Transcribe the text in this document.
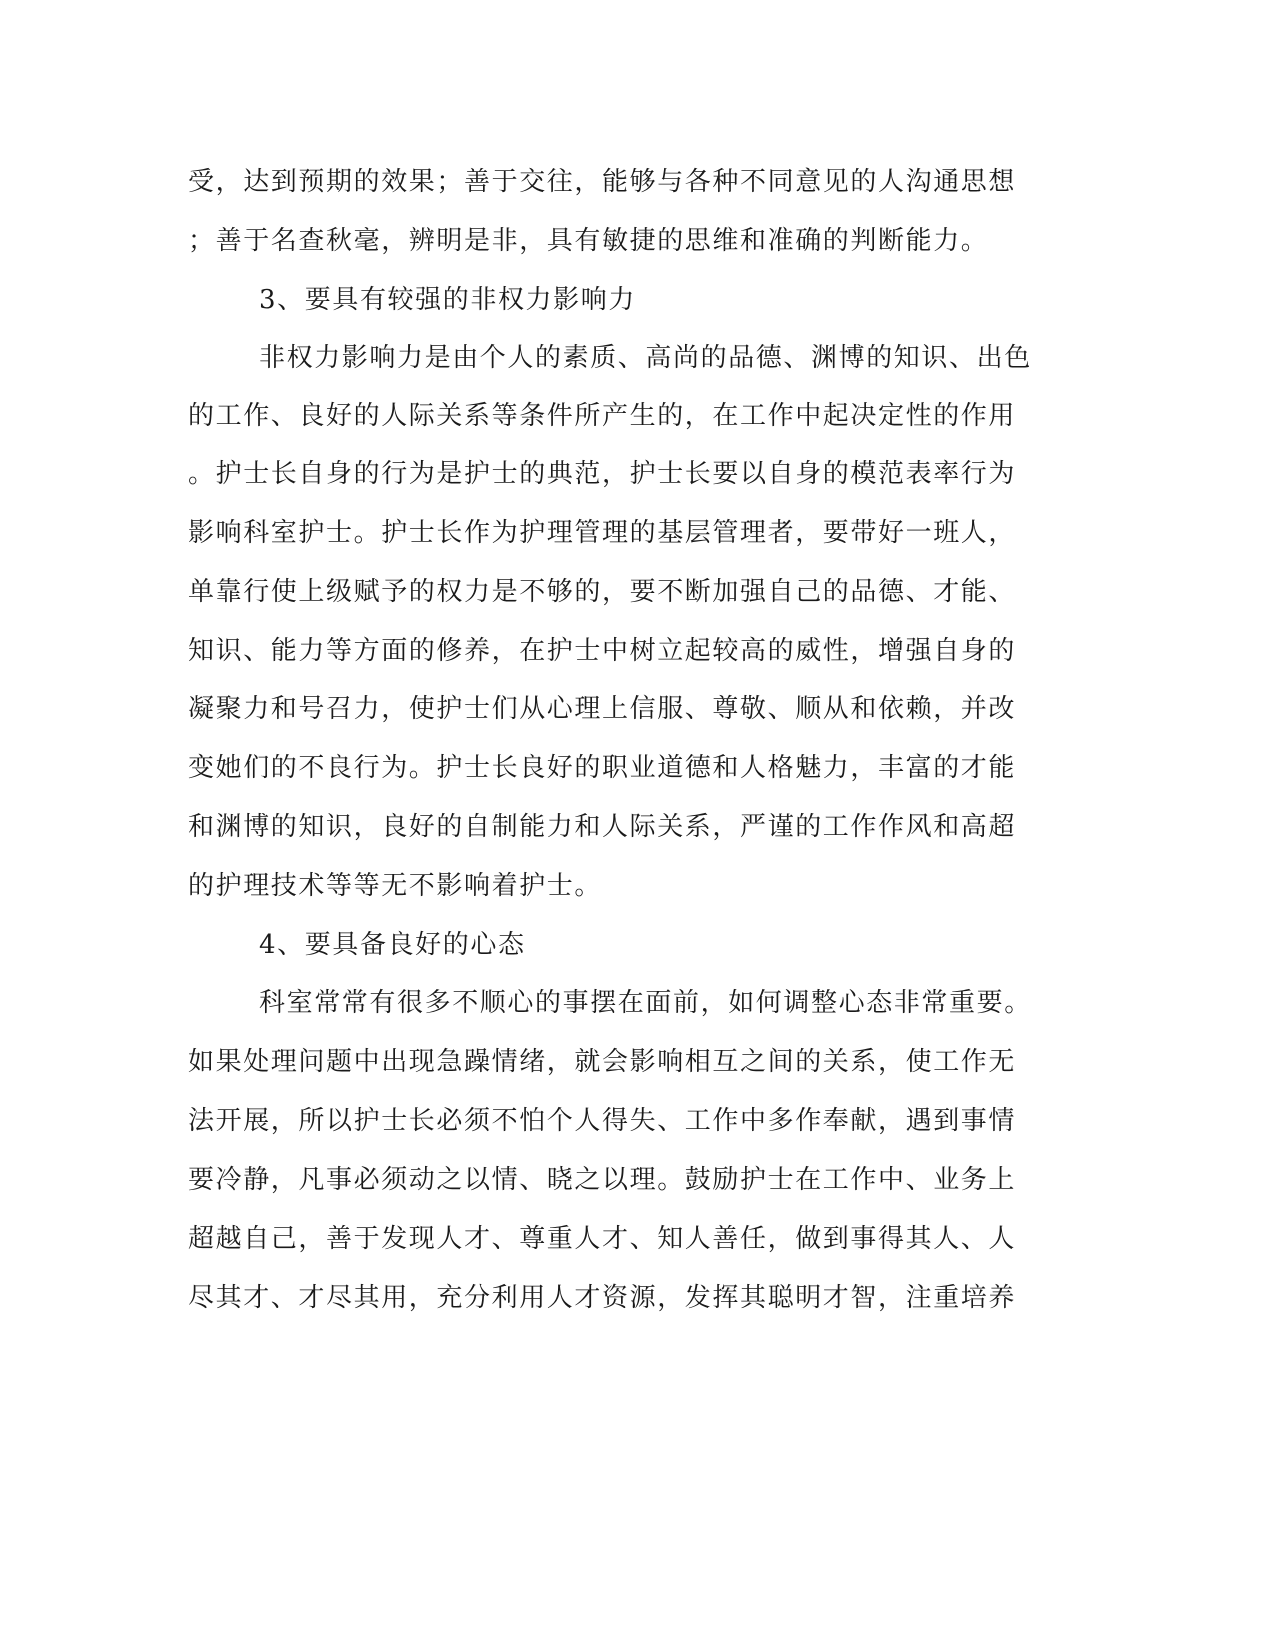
受，达到预期的效果；善于交往，能够与各种不同意见的人沟通思想

；善于名查秋毫，辨明是非，具有敏捷的思维和准确的判断能力。

3、要具有较强的非权力影响力

非权力影响力是由个人的素质、高尚的品德、渊博的知识、出色

的工作、良好的人际关系等条件所产生的，在工作中起决定性的作用

。护士长自身的行为是护士的典范，护士长要以自身的模范表率行为

影响科室护士。护士长作为护理管理的基层管理者，要带好一班人，

单靠行使上级赋予的权力是不够的，要不断加强自己的品德、才能、

知识、能力等方面的修养，在护士中树立起较高的威性，增强自身的

凝聚力和号召力，使护士们从心理上信服、尊敬、顺从和依赖，并改

变她们的不良行为。护士长良好的职业道德和人格魅力，丰富的才能

和渊博的知识，良好的自制能力和人际关系，严谨的工作作风和高超

的护理技术等等无不影响着护士。

4、要具备良好的心态

科室常常有很多不顺心的事摆在面前，如何调整心态非常重要。

如果处理问题中出现急躁情绪，就会影响相互之间的关系，使工作无

法开展，所以护士长必须不怕个人得失、工作中多作奉献，遇到事情

要冷静，凡事必须动之以情、晓之以理。鼓励护士在工作中、业务上

超越自己，善于发现人才、尊重人才、知人善任，做到事得其人、人

尽其才、才尽其用，充分利用人才资源，发挥其聪明才智，注重培养
